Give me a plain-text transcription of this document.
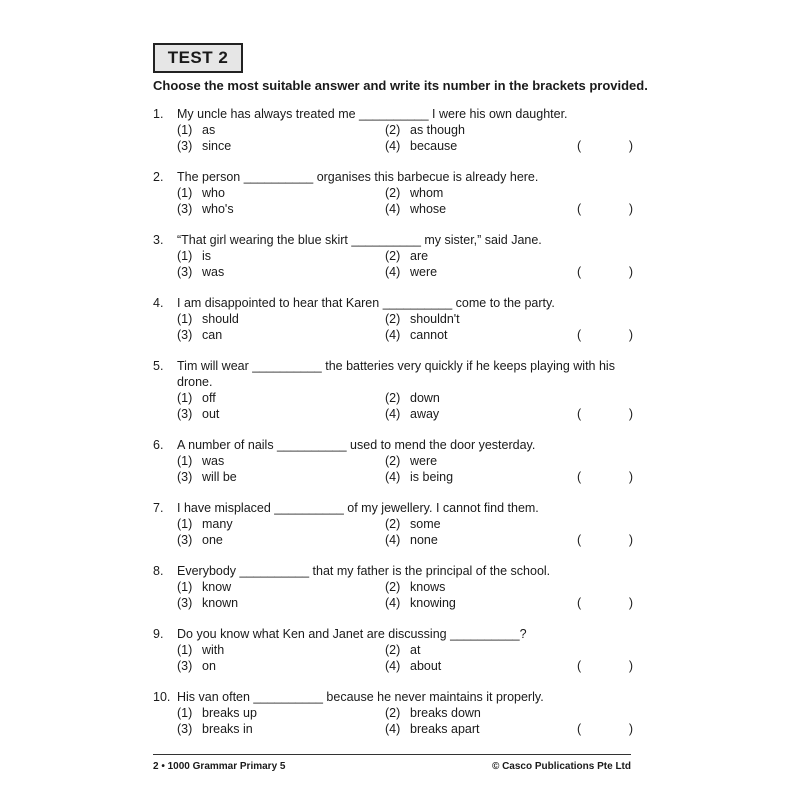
TEST 2
Choose the most suitable answer and write its number in the brackets provided.
1. My uncle has always treated me __________ I were his own daughter.
(1) as	(2) as though
(3) since	(4) because	(	)
2. The person __________ organises this barbecue is already here.
(1) who	(2) whom
(3) who's	(4) whose	(	)
3. “That girl wearing the blue skirt __________ my sister,” said Jane.
(1) is	(2) are
(3) was	(4) were	(	)
4. I am disappointed to hear that Karen __________ come to the party.
(1) should	(2) shouldn't
(3) can	(4) cannot	(	)
5. Tim will wear __________ the batteries very quickly if he keeps playing with his drone.
(1) off	(2) down
(3) out	(4) away	(	)
6. A number of nails __________ used to mend the door yesterday.
(1) was	(2) were
(3) will be	(4) is being	(	)
7. I have misplaced __________ of my jewellery. I cannot find them.
(1) many	(2) some
(3) one	(4) none	(	)
8. Everybody __________ that my father is the principal of the school.
(1) know	(2) knows
(3) known	(4) knowing	(	)
9. Do you know what Ken and Janet are discussing __________?
(1) with	(2) at
(3) on	(4) about	(	)
10. His van often __________ because he never maintains it properly.
(1) breaks up	(2) breaks down
(3) breaks in	(4) breaks apart	(	)
2 • 1000 Grammar Primary 5	© Casco Publications Pte Ltd
